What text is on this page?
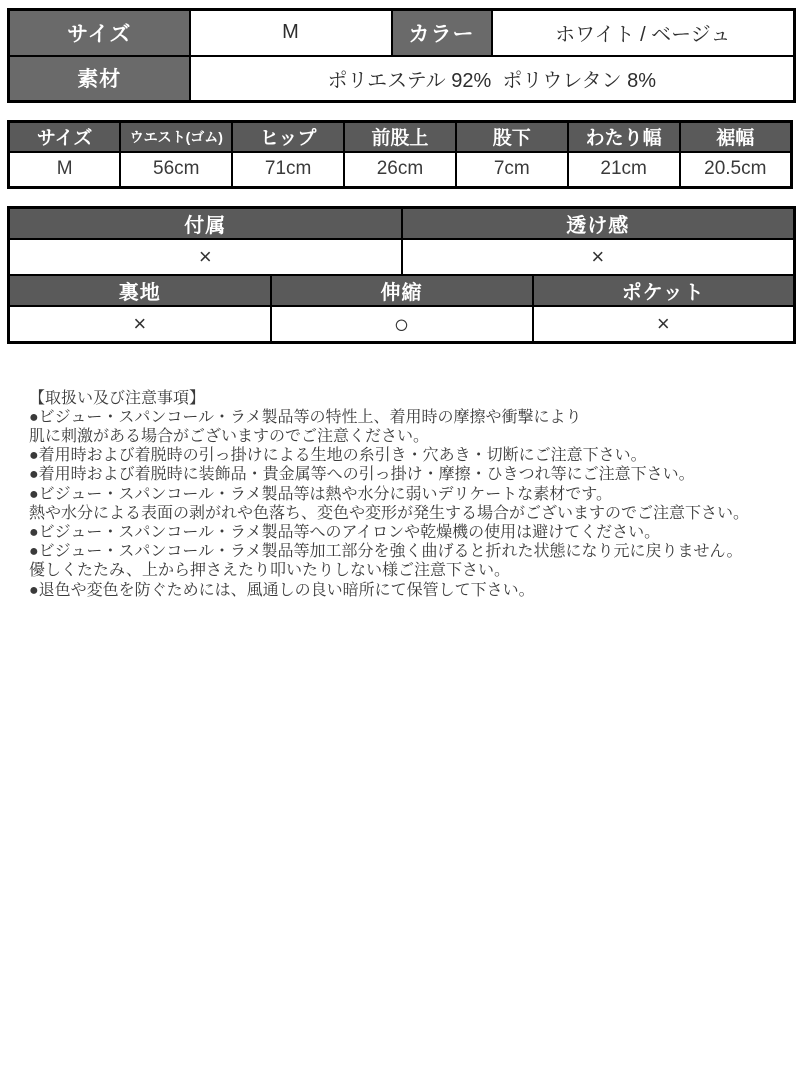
サイズ	M	カラー	ホワイト / ベージュ
素材	ポリエステル 92%  ポリウレタン 8%		
サイズ	ウエスト(ゴム)	ヒップ	前股上	股下	わたり幅	裾幅
M	56cm	71cm	26cm	7cm	21cm	20.5cm
付属		透け感	
×		×	
裏地	伸縮		ポケット
×	○		×
【取扱い及び注意事項】
●ビジュー・スパンコール・ラメ製品等の特性上、着用時の摩擦や衝撃により
肌に刺激がある場合がございますのでご注意ください。
●着用時および着脱時の引っ掛けによる生地の糸引き・穴あき・切断にご注意下さい。
●着用時および着脱時に装飾品・貴金属等への引っ掛け・摩擦・ひきつれ等にご注意下さい。
●ビジュー・スパンコール・ラメ製品等は熱や水分に弱いデリケートな素材です。
熱や水分による表面の剥がれや色落ち、変色や変形が発生する場合がございますのでご注意下さい。
●ビジュー・スパンコール・ラメ製品等へのアイロンや乾燥機の使用は避けてください。
●ビジュー・スパンコール・ラメ製品等加工部分を強く曲げると折れた状態になり元に戻りません。
優しくたたみ、上から押さえたり叩いたりしない様ご注意下さい。
●退色や変色を防ぐためには、風通しの良い暗所にて保管して下さい。
